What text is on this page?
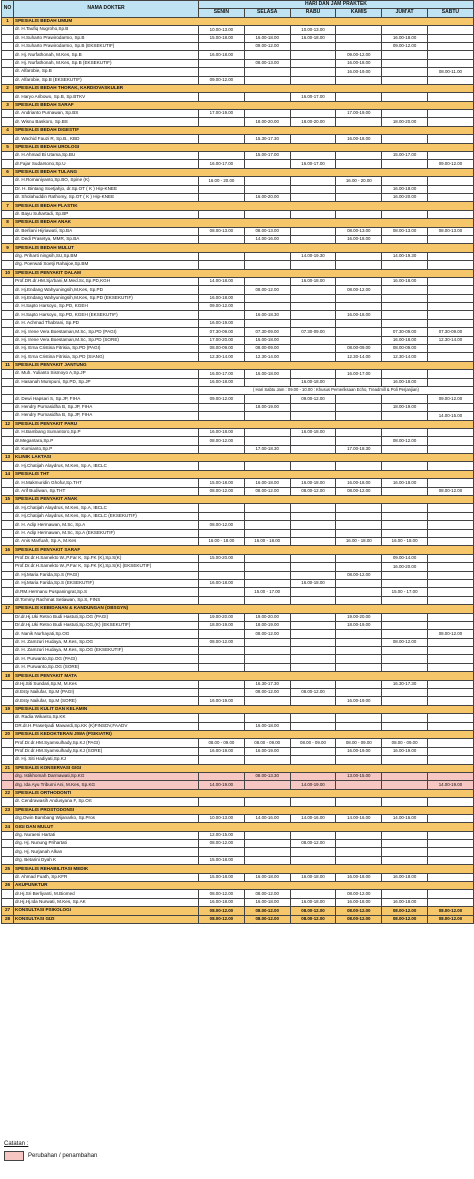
NO	NAMA DOKTER	HARI DAN JAM PRAKTEK					
		SENIN	SELASA	RABU	KAMIS	JUM'AT	SABTU
1	SPESIALIS BEDAH UMUM						
	dr. H.Taufiq Nugroho,Sp.B	10.00-13.00		10.00-13.00			
	dr. H.Suharto Prawirodarmo, Sp.B	15.00-18.00	16.00-18.00	16.00-18.00		16.00-18.00	
	dr. H.Suharto Prawirodarmo, Sp.B (EKSEKUTIF)		09.00-12.00			09.00-12.00	
	dr. Hj. Nurfathonah, M.Kes, Sp.B	16.00-18.00			09.00-12.00		
	dr. Hj. Nurfathonah, M.Kes, Sp.B (EKSEKUTIF)		08.00-13.00		16.00-18.00		
	dr. Alfarobie, Sp.B				16.00-19.00		08.00-11.00
	dr. Alfarobie, Sp.B (EKSEKUTIF)	09.00-12.00					
2	SPESIALIS BEDAH THORAK, KARDIOVASKULER						
	dr. Haryo Aribowo, Sp.B, Sp.BTKV			16.00-17.00			
3	SPESIALIS BEDAH SARAF						
	dr. Andrianto Purnawan, Sp.BS	17.00-19.00			17.00-19.00		
	dr. Wisnu Baskoro, Sp.BS		18.00-20.00	18.00-20.00		18.00-20.00	
4	SPESIALIS BEDAH DIGESTIF						
	dr. Wachid Fauzi R, Sp.B., KBD		15.30-17.30		16.00-18.00		
5	SPESIALIS BEDAH UROLOGI						
	dr. H.Ahmad Bi Utama,Sp.BU		15.00-17.00			15.00-17.00	
	dr.Fajar Sudarsono,Sp.U	16.00-17.00		16.00-17.00			09.00-12.00
6	SPESIALIS BEDAH TULANG						
	dr. H.Romaniyanto,Sp.BO, Spine (K)	16.00 - 20.00			16.00 - 20.00		
	Dr. H. Bintang Soetjahjo, dr.Sp.OT ( K ) Hip-KNEE					16.00-18.00	
	dr. Sholahuddin Rathomy, Sp.OT ( K ) Hip-KNEE		16.00-20.00			16.00-20.00	
7	SPESIALIS BEDAH PLASTIK						
	dr. Bayu Suhartadi, Sp.BP						
8	SPESIALIS BEDAH ANAK						
	dr. Berliani Hijriawati, Sp.BA	08.00-13.00	08.00-13.00		08.00-13.00	08.00-13.00	08.00-13.00
	dr. Dedi Prasetya, MMR, Sp.BA		14.00-16.00		16.00-18.00		
9	SPESIALIS BEDAH MULUT						
	drg. Priharti ningsih,SU,Sp.BM			14.00-19.30		14.00-19.30	
	drg. Poerwati Soetji Rahajoe,Sp.BM						
10	SPESIALIS PENYAKIT DALAM						
	Prof.DR.dr.HM.Sja'bani,M.Med.Sc,Sp.PD,KGH	14.00-18.00		16.00-18.00		16.00-18.00	
	dr. Hj.Endang Wahyuningsih,M.Kes, Sp.PD		08.00-12.00		08.00-12.00		
	dr. Hj.Endang Wahyuningsih,M.Kes, Sp.PD (EKSEKUTIF)	16.00-18.00					
	dr. H.Sapto Harsoyo, Sp.PD, KGEH	09.00-12.00					
	dr. H.Sapto Harsoyo, Sp.PD, KGEH (EKSEKUTIF)		16.00-18.30		16.00-18.00		
	dr. H. Achmad Thabrani, Sp.PD	16.00-19.00					
	dr. Hj. Irene Vera Boestaman,M.Sc, Sp.PD (PAGI)	07.30-09.00	07.30-09.00	07.30-09.00		07.30-09.00	07.30-09.00
	dr. Hj. Irene Vera Boestaman,M.Sc, Sp.PD (SORE)	17.00-20.00	16.00-18.00			16.00-18.00	12.30-14.00
	dr. Hj. Erna Cristina Fitrisia, Sp.PD (PAGI)	08.00-09.00	08.00-09.00		08.00-09.00	08.00-09.00	
	dr. Hj. Erna Cristina Fitrisia, Sp.PD (SIANG)	12.30-14.00	12.30-14.00		12.30-14.00	12.30-14.00	
11	SPESIALIS PENYAKIT JANTUNG						
	dr. Muh. Yulianto Sismoyo A,Sp.JP	16.00-17.00	16.00-18.00		16.00-17.00		
	dr. Hasanah Mumpuni, Sp.PD, Sp.JP	16.00-18.00		16.00-18.00		16.00-18.00	
		( Hari Sabtu Jam : 09.00 - 10.00 : Khusus Pemeriksaan Echo, Treadmill & Poli Perjanjian)					
	dr. Dewi Hapsari S, Sp.JP, FIHA	09.00-12.00		09.00-12.00			09.00-12.00
	dr. Hendry Purnasidha B, Sp.JP, FIHA		18.00-19.00			18.00-19.00	
	dr. Hendry Purnasidha B, Sp.JP, FIHA						14.00-15.00
12	SPESIALIS PENYAKIT PARU						
	dr. H.Bambang Sumantoro,Sp.P	16.00-18.00		16.00-18.00			
	dr.Megantara,Sp.P	08.00-12.00				08.00-12.00	
	dr. Kurnianto,Sp.P		17.00-18.30		17.00-18.30		
13	KLINIK LAKTASI						
	dr. Hj.Chatijah Alaydrus, M.Kes, Sp.A, IBCLC						
14	SPESIALIS THT						
	dr. H.Makmuridin Ghofur,Sp.THT	15.00-18.00	16.00-18.00	16.00-18.00	16.00-18.00	16.00-18.00	
	dr. Arif Budiwan, Sp.THT	08.00-12.00	08.00-12.00	08.00-12.00	08.00-12.00		08.00-12.00
15	SPESIALIS PENYAKIT ANAK						
	dr. Hj.Chatijah Alaydrus, M.Kes, Sp.A, IBCLC						
	dr. Hj.Chatijah Alaydrus, M.Kes, Sp.A, IBCLC (EKSEKUTIF)						
	dr. H. Adip Hermawan, M.Sc, Sp.A	08.00-12.00					
	dr. H. Adip Hermawan, M.Sc, Sp.A (EKSEKUTIF)						
	dr. Anis Marfuah, Sp.A, M.Kes	16.00 - 18.00	16.00 - 18.00		16.00 - 18.00	16.00 - 18.00	
16	SPESIALIS PENYAKIT SARAF						
	Prof.Dr.dr.H.Samekto W.,P.Far K, Sp.FK (K),Sp.S(K)	15.00-20.00				09.00-14.00	
	Prof.Dr.dr.H.Samekto W.,P.Far K, Sp.FK (K),Sp.S(K) (EKSEKUTIF)					16.00-20.00	
	dr. Hj.Maria Farida,Sp.S (PAGI)				08.00-12.00		
	dr. Hj.Maria Farida,Sp.S (EKSEKUTIF)	16.00-18.00		16.00-18.00			
	dr.RM.Hermanu Puspaningrat,Sp.S		15.00 - 17.00			15.00 - 17.00	
	dr.Tommy Rachmat Setiawan, Sp.S, FINS						
17	SPESIALIS KEBIDANAN & KANDUNGAN (OBSGYN)						
	Dr.dr.Hj.Uki Retno Budi Hastuti,Sp.OG (PAGI)	19.00-20.00	19.00-20.00		19.00-20.00		
	Dr.dr.Hj.Uki Retno Budi Hastuti,Sp.OG,(K) (EKSEKUTIF)	18.00-19.00	18.00-19.00		18.00-19.00		
	dr. Nanik Nurhayati,Sp.OG		08.00-12.00				08.00-12.00
	dr. H. Zamzuri Hudaya, M.Kes, Sp.OG	08.00-12.00				08.00-12.00	
	dr. H. Zamzuri Hudaya, M.Kes, Sp.OG (EKSEKUTIF)						
	dr. H. Purwanto,Sp.OG (PAGI)						
	dr. H. Purwanto,Sp.OG (SORE)						
18	SPESIALIS PENYAKIT MATA						
	dr.Hj.Siti Sundari,Sp.M, M.Kes		16.30-17.30			16.30-17.30	
	dr.Esty Nailufar, Sp.M (PAGI)		08.00-12.00	08.00-12.00			
	dr.Esty Nailufar, Sp.M (SORE)	16.00-19.00			16.00-19.00		
19	SPESIALIS KULIT DAN KELAMIN						
	dr. Radia Wikanto,Sp.KK						
	DR.dr.H.Prasetyadi Mawardi,Sp.KK (K)FINSDV,FAADV		16.00-18.00				
20	SPESIALIS KEDOKTERAN JIWA (PSIKIATRI)						
	Prof.Dr.dr.HM.Syamsulhady,Sp.KJ (PAGI)	08.00 - 09.00	08.00 - 09.00	08.00 - 09.00	08.00 - 09.00	08.00 - 09.00	
	Prof.Dr.dr.HM.Syamsulhady,Sp.KJ (SORE)	16.00-19.00	16.00-19.00		16.00-19.00	16.00-19.00	
	dr. Hj. Siti Hadiyati,Sp.KJ						
21	SPESIALIS KONSERVASI GIGI						
	drg. Istikhomah Darmawati,Sp.KG		08.00-13.30		13.00-15.00		
	drg. Ida Ayu Tribumi Ani, M.Kes, Sp.KG	14.00-19.00		14.00-19.00			14.00-19.00
22	SPESIALIS ORTHODONTI						
	dr. Cendrawasih Andusyana F, Sp.Ort						
23	SPESIALIS PROSTODONSI						
	drg.Owin Bambang Wijanarko, Sp.Pros	10.00-13.00	14.00-16.00	14.00-16.00	14.00-16.00	14.00-16.00	
24	GIGI DAN MULUT						
	drg. Nuraeni Hartati	12.00-15.00					
	drg. Hj. Nunung Prihartati	08.00-12.00		08.00-12.00			
	drg. Hj. Nurjanah Alkan						
	drg. Betarini Dyah K	15.00-18.00					
25	SPESIALIS REHABILITASI MEDIK						
	dr. Ahmad Fuath, Sp.KFR	15.00-18.00	16.00-18.00	16.00-18.00	16.00-18.00	16.00-18.00	
26	AKUPUNKTUR						
	dr.Hj.Sri Berliyanti, M.Biomed	08.00-12.00	08.00-12.00		08.00-12.00		
	dr.Hj.Hj.Ida Nurwati, M.Kes, Sp.AK	16.00-18.00	16.00-18.00	16.00-18.00	16.00-18.00	16.00-18.00	
27	KONSULTASI PSIKOLOGI	08.00-12.00	08.00-12.00	08.00-12.00	08.00-12.00	08.00-12.00	08.00-12.00
28	KONSULTASI GIZI	08.00-12.00	08.00-12.00	08.00-12.00	08.00-12.00	08.00-12.00	08.00-12.00
Catatan :
Perubahan / penambahan
